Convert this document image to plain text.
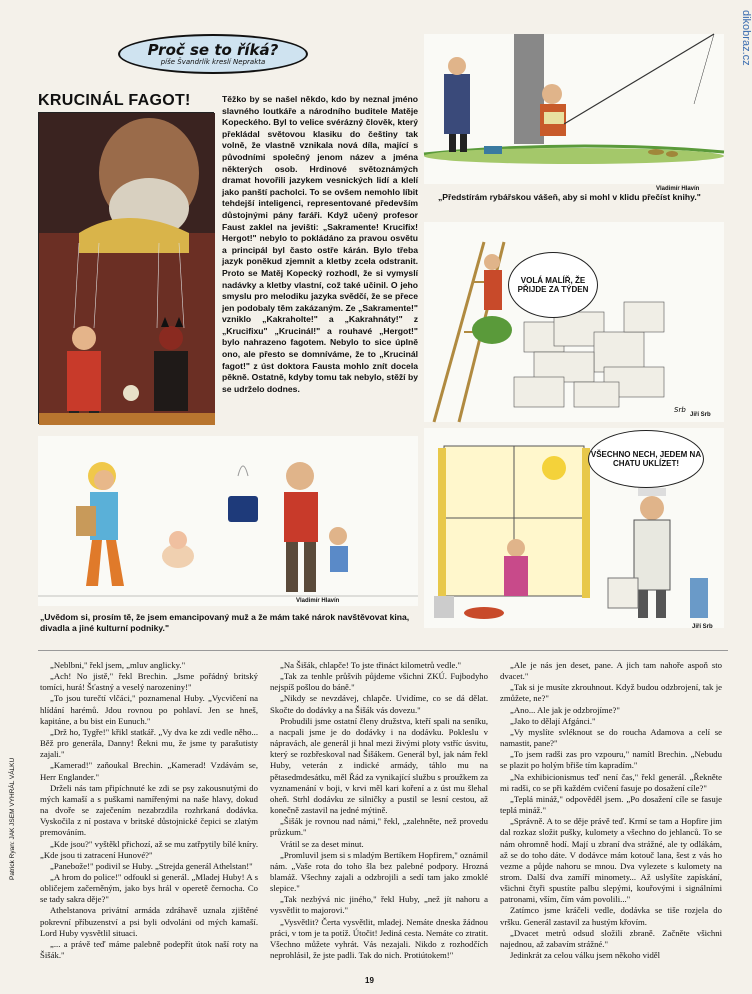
dikobraz.cz
Proč se to říká?
píše Švandrlík kreslí Neprakta
KRUCINÁL FAGOT!	Těžko by se našel někdo, kdo by neznal jméno slavného loutkáře a národního buditele Matěje Kopeckého. Byl to velice svérázný člověk, který překládal světovou klasiku do češtiny tak volně, že vlastně vznikala nová díla, mající s původními společný jenom název a jména některých osob. Hrdinové světoznámých dramat hovořili jazykem vesnických lidí a klelí jako panští pacholci. To se ovšem nemohlo líbit tehdejší inteligenci, representované především důstojnými pány faráři. Když učený profesor Faust zaklel na jevišti: „Sakramente! Krucifix! Hergot!" nebylo to pokládáno za pravou osvětu a principál byl často ostře kárán. Bylo třeba jazyk poněkud zjemnit a kletby zcela odstranit. Proto se Matěj Kopecký rozhodl, že si vymyslí nadávky a kletby vlastní, což také učinil. O jeho smyslu pro melodiku jazyka svědčí, že se přece jen podobaly těm zakázaným. Ze „Sakramente!" vzniklo „Kakraholte!" a „Kakrahnáty!" z „Krucifixu" „Krucinál!" a rouhavé „Hergot!" bylo nahrazeno fagotem. Nebylo to sice úplně ono, ale přesto se domníváme, že to „Krucinál fagot!" z úst doktora Fausta mohlo znít docela pěkně. Ostatně, kdyby tomu tak nebylo, stěží by se udrželo dodnes.
Vladimír Hlavín
„Předstírám rybářskou vášeň, aby si mohl v klidu přečíst knihy."
Srb
VOLÁ MALÍŘ, ŽE PŘIJDE ZA TÝDEN
Jiří Srb
VŠECHNO NECH, JEDEM NA CHATU UKLÍZET!
Jiří Srb
Vladimír Hlavín
„Uvědom si, prosím tě, že jsem emancipovaný muž a že mám také nárok navštěvovat kina, divadla a jiné kulturní podniky."
Patrick Ryan: JAK JSEM VYHRÁL VÁLKU

„Neblbni," řekl jsem, „mluv anglicky."

„Ach! No jistě," řekl Brechin. „Jsme pořádný britský tomíci, hurá! Šťastný a veselý narozeniny!"

„To jsou turečtí vlčáci," poznamenal Huby. „Vycvičení na hlídání harémů. Jdou rovnou po pohlaví. Jen se hneš, kapitáne, a bu bist ein Eunuch."

„Drž ho, Tygře!" křikl statkář. „Vy dva ke zdi vedle něho... Běž pro generála, Danny! Řekni mu, že jsme ty parašutisty zajali."

„Kamerad!" zaňoukal Brechin. „Kamerad! Vzdávám se, Herr Englander."

Drželi nás tam připíchnuté ke zdi se psy zakousnutými do mých kamaší a s puškami namířenými na naše hlavy, dokud na dvoře se zaječením nezabrzdila rozhrkaná dodávka. Vyskočila z ní postava v britské důstojnické čepici se zlatým premováním.

„Kde jsou?" vyštěkl přichozí, až se mu zatřpytily bílé kníry. „Kde jsou ti zatracení Hunové?"

„Panebože!" podivil se Huby. „Strejda generál Athelstan!"

„A hrom do police!" odfoukl si generál. „Mladej Huby! A s obličejem začerněným, jako bys hrál v operetě černocha. Co se tady sakra děje?"

Athelstanova privátní armáda zdráhavě uznala zjištěné pokrevní příbuzenství a psi byli odvoláni od mých kamaší. Lord Huby vysvětlil situaci.

„... a právě teď máme palebně podepřít útok naší roty na Šišák."

„Na Šišák, chlapče! To jste třináct kilometrů vedle."

„Tak za tenhle průšvih půjdeme všichni ZKÚ. Fujbodyho nejspíš pošlou do báně."

„Nikdy se nevzdávej, chlapče. Uvidíme, co se dá dělat. Skočte do dodávky a na Šišák vás dovezu."

Probudili jsme ostatní členy družstva, kteří spali na seníku, a nacpali jsme je do dodávky i na dodávku. Pokleslu v nápravách, ale generál ji hnal mezi živými ploty vstříc úsvitu, který se rozbřeskoval nad Šišákem. Generál byl, jak nám řekl Huby, veterán z indické armády, táhlo mu na pětasedmdesátku, měl Řád za vynikající službu s proužkem za vyznamenání v boji, v krvi měl kari koření a z úst mu šlehal oheň. Strhl dodávku ze silničky a pustil se lesní cestou, až konečně zastavil na jedné mýtině.

„Šišák je rovnou nad námi," řekl, „zalehněte, než provedu průzkum."

Vrátil se za deset minut.

„Promluvil jsem si s mladým Bertíkem Hopfirem," oznámil nám. „Vaše rota do toho šla bez palebné podpory. Hrozná blamáž. Všechny zajali a odzbrojili a sedí tam jako zmoklé slepice."

„Tak nezbývá nic jiného," řekl Huby, „než jít nahoru a vysvětlit to majorovi."

„Vysvětlit? Čerta vysvětlit, mladej. Nemáte dneska žádnou práci, v tom je ta potíž. Útočit! Jediná cesta. Nemáte co ztratit. Všechno můžete vyhrát. Vás nezajali. Nikdo z rozhodčích neprohlásil, že jste padli. Tak do nich. Protiútokem!"

„Ale je nás jen deset, pane. A jich tam nahoře aspoň sto dvacet."

„Tak si je musíte zkrouhnout. Když budou odzbrojení, tak je zmůžete, ne?"

„Ano... Ale jak je odzbrojíme?"

„Jako to dělají Afgánci."

„Vy myslíte svléknout se do roucha Adamova a celí se namastit, pane?"

„To jsem radši zas pro vzpouru," namítl Brechin. „Nebudu se plazit po holým břiše tím kapradím."

„Na exhibicionismus teď není čas," řekl generál. „Řekněte mi radši, co se při každém cvičení fasuje po dosažení cíle?"

„Teplá mináž," odpověděl jsem. „Po dosažení cíle se fasuje teplá mináž."

„Správně. A to se děje právě teď. Krmí se tam a Hopfire jim dal rozkaz složit pušky, kulomety a všechno do jehlanců. To se nám ohromně hodí. Mají u zbraní dva strážné, ale ty odlákám, až se do toho dáte. V dodávce mám kotouč lana, šest z vás ho vezme a půjde nahoru se mnou. Dva vylezete s kulomety na strom. Další dva zamíří minomety... Až uslyšíte zapískání, všichni čtyři spustíte palbu slepými, kouřovými i signálními patronami, vším, čím vám povolili..."

Zatímco jsme kráčeli vedle, dodávka se tiše rozjela do vršku. Generál zastavil za hustým křovím.

„Dvacet metrů odsud složili zbraně. Začněte všichni najednou, až zabavím strážné."

Jedinkrát za celou válku jsem někoho viděl

19
